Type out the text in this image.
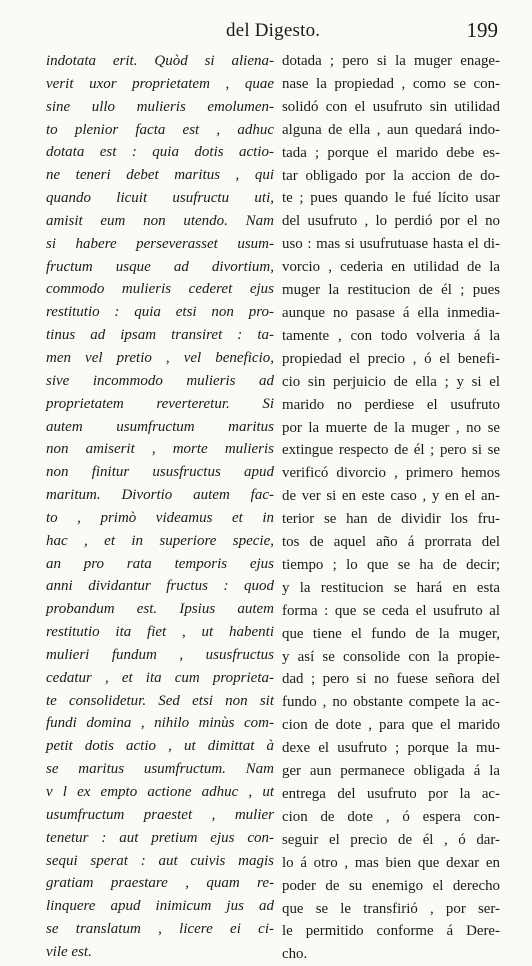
del Digesto.	199
indotata erit. Quòd si aliena-
verit uxor proprietatem , quae
sine ullo mulieris emolumen-
to plenior facta est , adhuc
dotata est : quia dotis actio-
ne teneri debet maritus , qui
quando licuit usufructu uti,
amisit eum non utendo. Nam
si habere perseverasset usum-
fructum usque ad divortium,
commodo mulieris cederet ejus
restitutio : quia etsi non pro-
tinus ad ipsam transiret : ta-
men vel pretio , vel beneficio,
sive incommodo mulieris ad
proprietatem reverteretur. Si
autem usumfructum maritus
non amiserit , morte mulieris
non finitur ususfructus apud
maritum. Divortio autem fac-
to , primò videamus et in
hac , et in superiore specie,
an pro rata temporis ejus
anni dividantur fructus : quod
probandum est. Ipsius autem
restitutio ita fiet , ut habenti
mulieri fundum , ususfructus
cedatur , et ita cum proprieta-
te consolidetur. Sed etsi non sit
fundi domina , nihilo minùs com-
petit dotis actio , ut dimittat à
se maritus usumfructum. Nam
v l ex empto actione adhuc , ut
usumfructum praestet , mulier
tenetur : aut pretium ejus con-
sequi sperat : aut cuivis magis
gratiam praestare , quam re-
linquere apud inimicum jus ad
se translatum , licere ei ci-
vile est.
dotada ; pero si la muger enage-
nase la propiedad , como se con-
solidó con el usufruto sin utilidad
alguna de ella , aun quedará indo-
tada ; porque el marido debe es-
tar obligado por la accion de do-
te ; pues quando le fué lícito usar
del usufruto , lo perdió por el no
uso : mas si usufrutuase hasta el di-
vorcio , cederia en utilidad de la
muger la restitucion de él ; pues
aunque no pasase á ella inmedia-
tamente , con todo volveria á la
propiedad el precio , ó el benefi-
cio sin perjuicio de ella ; y si el
marido no perdiese el usufruto
por la muerte de la muger , no se
extingue respecto de él ; pero si se
verificó divorcio , primero hemos
de ver si en este caso , y en el an-
terior se han de dividir los fru-
tos de aquel año á prorrata del
tiempo ; lo que se ha de decir;
y la restitucion se hará en esta
forma : que se ceda el usufruto al
que tiene el fundo de la muger,
y así se consolide con la propie-
dad ; pero si no fuese señora del
fundo , no obstante compete la ac-
cion de dote , para que el marido
dexe el usufruto ; porque la mu-
ger aun permanece obligada á la
entrega del usufruto por la ac-
cion de dote , ó espera con-
seguir el precio de él , ó dar-
lo á otro , mas bien que dexar en
poder de su enemigo el derecho
que se le transfirió , por ser-
le permitido conforme á Dere-
cho.
